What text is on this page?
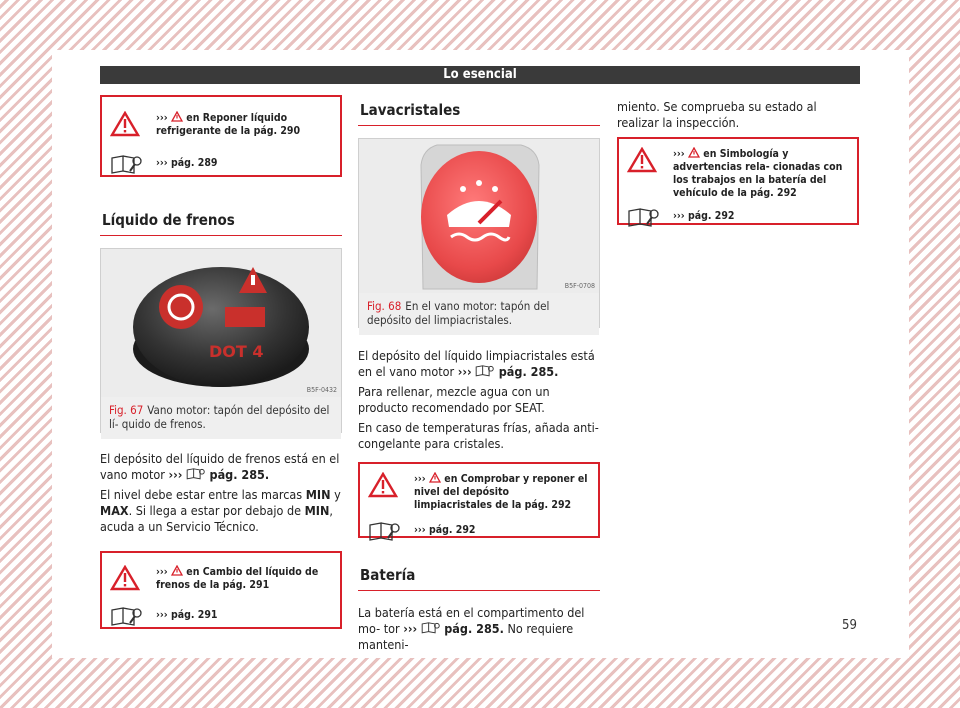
Lo esencial
››› en Reponer líquido refrigerante de la pág. 290
››› pág. 289
Líquido de frenos
DOT 4
B5F-0432
Fig. 67 Vano motor: tapón del depósito del lí- quido de frenos.

El depósito del líquido de frenos está en el vano motor ››› pág. 285.

El nivel debe estar entre las marcas MIN y MAX. Si llega a estar por debajo de MIN, acuda a un Servicio Técnico.

››› en Cambio del líquido de frenos de la pág. 291
››› pág. 291
Lavacristales
B5F-0708
Fig. 68 En el vano motor: tapón del depósito del limpiacristales.

El depósito del líquido limpiacristales está en el vano motor ››› pág. 285.

Para rellenar, mezcle agua con un producto recomendado por SEAT.

En caso de temperaturas frías, añada anti- congelante para cristales.

››› en Comprobar y reponer el nivel del depósito limpiacristales de la pág. 292
››› pág. 292
Batería

La batería está en el compartimento del mo- tor ››› pág. 285. No requiere manteni-

miento. Se comprueba su estado al realizar la inspección.

››› en Simbología y advertencias rela- cionadas con los trabajos en la batería del vehículo de la pág. 292
››› pág. 292
59
